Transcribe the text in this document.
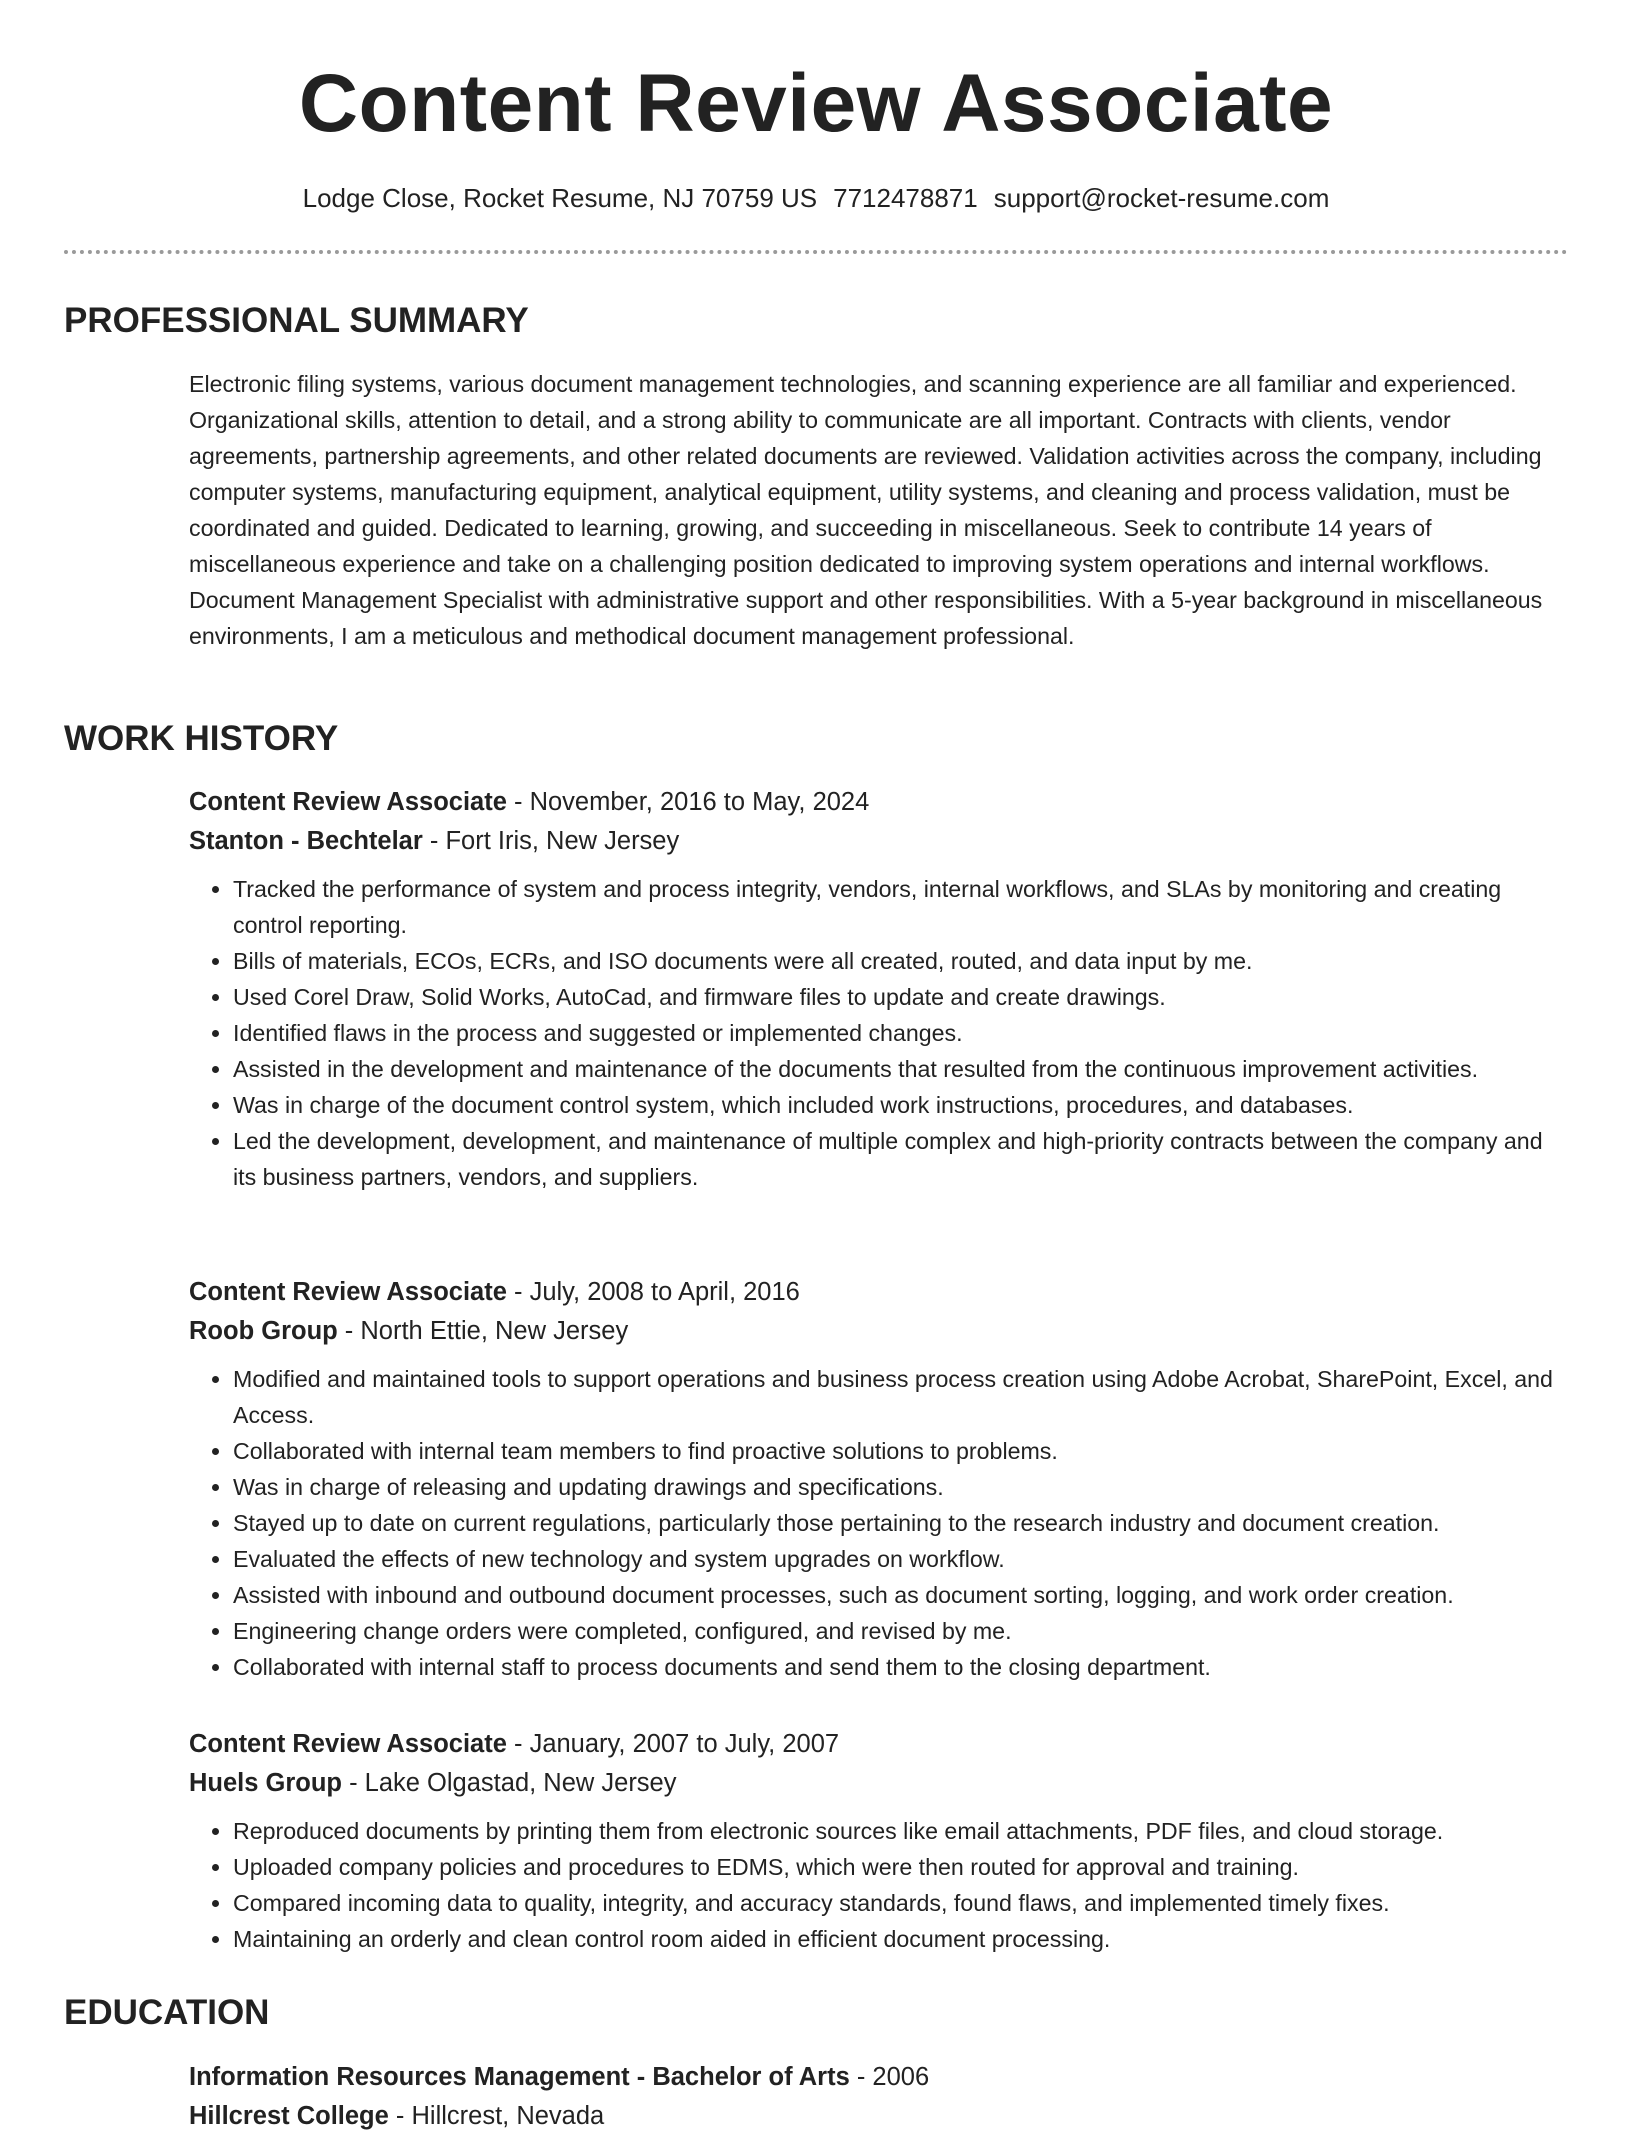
Content Review Associate
Lodge Close, Rocket Resume, NJ 70759 US 7712478871 support@rocket-resume.com
PROFESSIONAL SUMMARY

Electronic filing systems, various document management technologies, and scanning experience are all familiar and experienced. Organizational skills, attention to detail, and a strong ability to communicate are all important. Contracts with clients, vendor agreements, partnership agreements, and other related documents are reviewed. Validation activities across the company, including computer systems, manufacturing equipment, analytical equipment, utility systems, and cleaning and process validation, must be coordinated and guided. Dedicated to learning, growing, and succeeding in miscellaneous. Seek to contribute 14 years of miscellaneous experience and take on a challenging position dedicated to improving system operations and internal workflows. Document Management Specialist with administrative support and other responsibilities. With a 5-year background in miscellaneous environments, I am a meticulous and methodical document management professional.

WORK HISTORY
Content Review Associate - November, 2016 to May, 2024
Stanton - Bechtelar - Fort Iris, New Jersey
• Tracked the performance of system and process integrity, vendors, internal workflows, and SLAs by monitoring and creating control reporting.
• Bills of materials, ECOs, ECRs, and ISO documents were all created, routed, and data input by me.
• Used Corel Draw, Solid Works, AutoCad, and firmware files to update and create drawings.
• Identified flaws in the process and suggested or implemented changes.
• Assisted in the development and maintenance of the documents that resulted from the continuous improvement activities.
• Was in charge of the document control system, which included work instructions, procedures, and databases.
• Led the development, development, and maintenance of multiple complex and high-priority contracts between the company and its business partners, vendors, and suppliers.
Content Review Associate - July, 2008 to April, 2016
Roob Group - North Ettie, New Jersey
• Modified and maintained tools to support operations and business process creation using Adobe Acrobat, SharePoint, Excel, and Access.
• Collaborated with internal team members to find proactive solutions to problems.
• Was in charge of releasing and updating drawings and specifications.
• Stayed up to date on current regulations, particularly those pertaining to the research industry and document creation.
• Evaluated the effects of new technology and system upgrades on workflow.
• Assisted with inbound and outbound document processes, such as document sorting, logging, and work order creation.
• Engineering change orders were completed, configured, and revised by me.
• Collaborated with internal staff to process documents and send them to the closing department.
Content Review Associate - January, 2007 to July, 2007
Huels Group - Lake Olgastad, New Jersey
• Reproduced documents by printing them from electronic sources like email attachments, PDF files, and cloud storage.
• Uploaded company policies and procedures to EDMS, which were then routed for approval and training.
• Compared incoming data to quality, integrity, and accuracy standards, found flaws, and implemented timely fixes.
• Maintaining an orderly and clean control room aided in efficient document processing.
EDUCATION
Information Resources Management - Bachelor of Arts - 2006
Hillcrest College - Hillcrest, Nevada
